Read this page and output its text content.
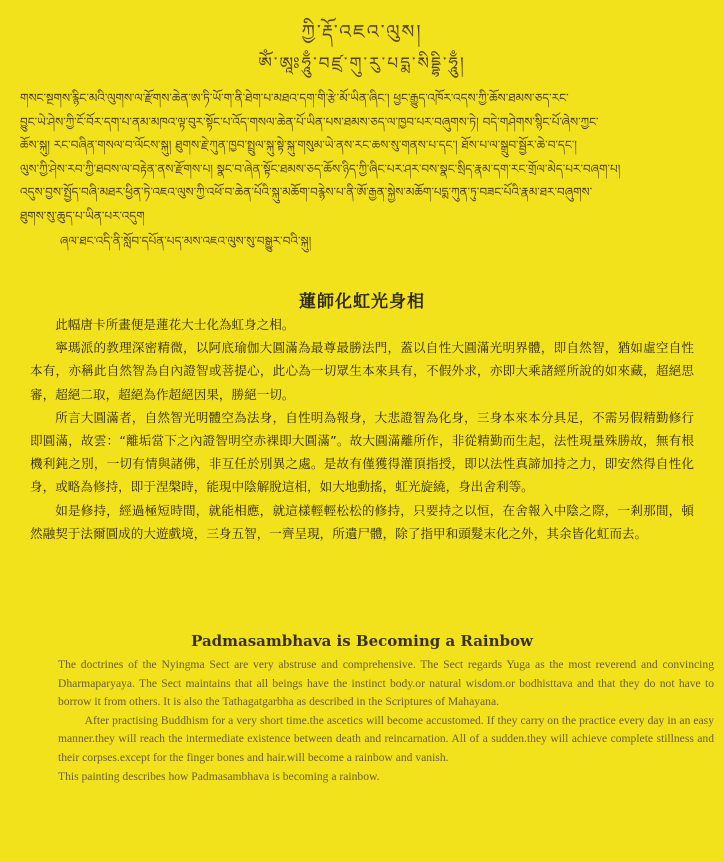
ཀྱི་རྡོ་འཇའ་ལུས།
ཨོཾ་ཨཱཿཧཱུྃ་བཛྲ་གུ་རུ་པདྨ་སིདྡྷི་ཧཱུྃ།
གསང་སྔགས་རྙིང་མའི་ལུགས་ལ་རྫོགས་ཆེན་ཨ་ཏི་ཡོ་ག་ནི་ཐེག་པ་མཐའ་དག་གི་རྩེ་མོ་ཡིན་ཞིང་། ཕྱང་རྒྱུད་འཁོར་འདས་ཀྱི་ཆོས་ཐམས་ཅད་རང་
བྱུང་ཡེ་ཤེས་ཀྱི་ངོ་བོར་དག་པ་ནམ་མཁའ་ལྟ་བུར་སྟོང་པ་འོད་གསལ་ཆེན་པོ་ཡིན་པས་ཐམས་ཅད་ལ་ཁྱབ་པར་བཞུགས་ཏེ། བདེ་གཤེགས་སྙིང་པོ་ཞེས་ཀྱང་
ཆོས་སྐུ། རང་བཞིན་གསལ་བ་ལོངས་སྐུ། ཐུགས་རྗེ་ཀུན་ཁྱབ་སྤྲུལ་སྐུ་སྟེ་སྐུ་གསུམ་ཡེ་ནས་རང་ཆས་སུ་གནས་པ་དང་། ཐོས་པ་ལ་སྒྲུབ་སྦྱོར་ཆེ་བ་དང་།
ལུས་ཀྱི་ཤེས་རབ་ཀྱི་ཐབས་ལ་བརྟེན་ནས་རྫོགས་པ། སྣང་བ་ཞེན་སྟོང་ཐམས་ཅད་ཆོས་ཉིད་ཀྱི་ཞིང་པར་ཤར་བས་སྣང་སྲིད་རྣམ་དག་རང་གྲོལ་མེད་པར་བཞག་པ།
འདུས་བྱས་སྤྱོད་བཞི་མཐར་ཕྱིན་ཏེ་འཇའ་ལུས་ཀྱི་འཕོ་བ་ཆེན་པོའི་སྐུ་མཆོག་བརྙེས་པ་ནི་ཨོ་རྒྱན་སྐྱེས་མཆོག་པདྨ་ཀུན་ཏུ་བཟང་པོའི་རྣམ་ཐར་བཞུགས་
ཐུགས་སུ་ཆུད་པ་ཡིན་པར་འདུག
ཞལ་ཐང་འདི་ནི་སློབ་དཔོན་པད་མས་འཇའ་ལུས་སུ་བསྒྱུར་བའི་སྐུ།
蓮師化虹光身相

此幅唐卡所畫便是蓮花大士化為虹身之相。

寧瑪派的教理深密精微，以阿底瑜伽大圓滿為最尊最勝法門，蓋以自性大圓滿光明界體，即自然智，猶如虛空自性本有，亦稱此自然智為自內證智或菩提心，此心為一切眾生本來具有，不假外求，亦即大乘諸經所說的如來藏，超絕思審，超絕二取，超絕為作超絕因果，勝絕一切。

所言大圓滿者，自然智光明體空為法身，自性明為報身，大悲證智為化身，三身本來本分具足，不需另假精勤修行即圓滿，故雲：“離垢當下之內證智明空赤裸即大圓滿”。故大圓滿離所作，非從精勤而生起，法性現量殊勝故，無有根機利鈍之別，一切有情與諸佛，非互任於別異之處。是故有僅獲得灌頂指授，即以法性真諦加持之力，即安然得自性化身，或略為修持，即于涅槃時，能現中陰解脫這相，如大地動搖，虹光旋繞，身出舍利等。

如是修持，經過極短時間，就能相應，就這樣輕輕松松的修持，只要持之以恒，在舍報入中陰之際，一剎那間，頓然融契于法爾圓成的大遊戲境，三身五智，一齊呈現，所遺尸體，除了指甲和頭髮末化之外，其余皆化虹而去。

Padmasambhava is Becoming a Rainbow

The doctrines of the Nyingma Sect are very abstruse and comprehensive. The Sect regards Yuga as the most reverend and convincing Dharmaparyaya. The Sect maintains that all beings have the instinct body.or natural wisdom.or bodhisttava and that they do not have to borrow it from others. It is also the Tathagatgarbha as described in the Scriptures of Mahayana.

After practising Buddhism for a very short time.the ascetics will become accustomed. If they carry on the practice every day in an easy manner.they will reach the intermediate existence between death and reincarnation. All of a sudden.they will achieve complete stillness and their corpses.except for the finger bones and hair.will become a rainbow and vanish.

This painting describes how Padmasambhava is becoming a rainbow.
